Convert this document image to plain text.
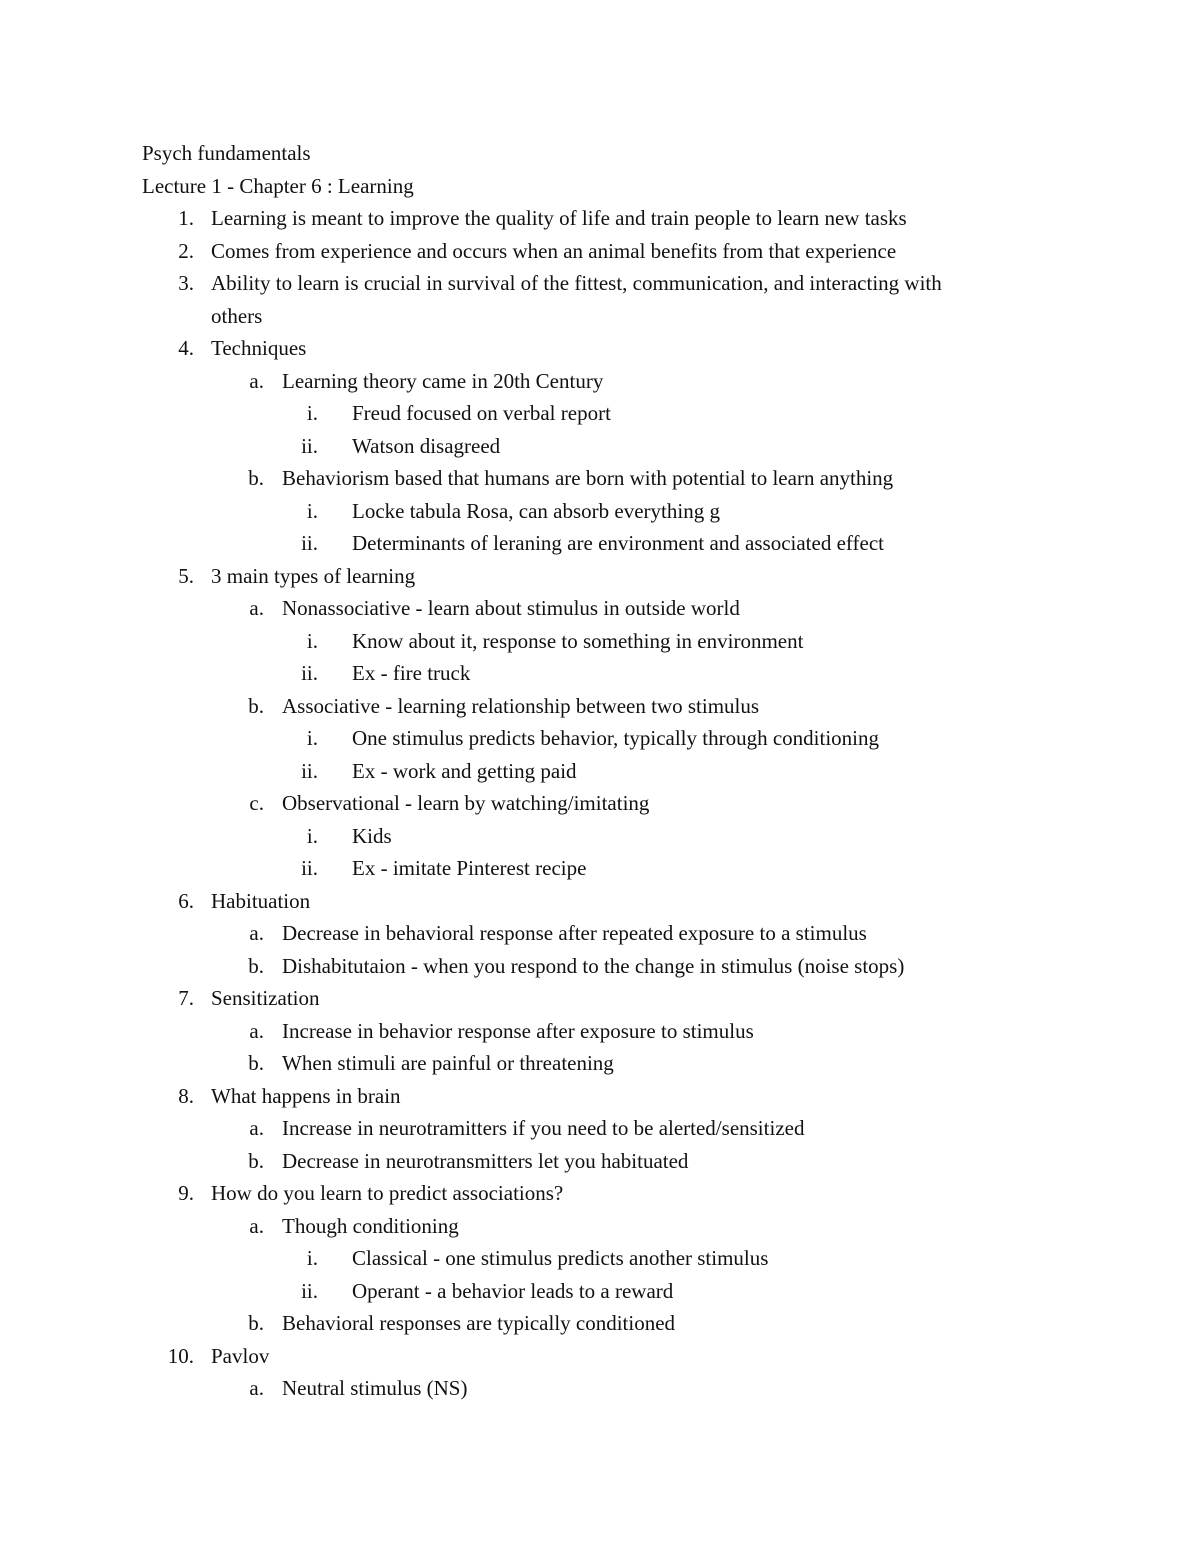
Psych fundamentals
Lecture 1 - Chapter 6 : Learning
1. Learning is meant to improve the quality of life and train people to learn new tasks
2. Comes from experience and occurs when an animal benefits from that experience
3. Ability to learn is crucial in survival of the fittest, communication, and interacting with
others
4. Techniques
a. Learning theory came in 20th Century
i. Freud focused on verbal report
ii. Watson disagreed
b. Behaviorism based that humans are born with potential to learn anything
i. Locke tabula Rosa, can absorb everything g
ii. Determinants of leraning are environment and associated effect
5. 3 main types of learning
a. Nonassociative - learn about stimulus in outside world
i. Know about it, response to something in environment
ii. Ex - fire truck
b. Associative - learning relationship between two stimulus
i. One stimulus predicts behavior, typically through conditioning
ii. Ex - work and getting paid
c. Observational - learn by watching/imitating
i. Kids
ii. Ex - imitate Pinterest recipe
6. Habituation
a. Decrease in behavioral response after repeated exposure to a stimulus
b. Dishabitutaion - when you respond to the change in stimulus (noise stops)
7. Sensitization
a. Increase in behavior response after exposure to stimulus
b. When stimuli are painful or threatening
8. What happens in brain
a. Increase in neurotramitters if you need to be alerted/sensitized
b. Decrease in neurotransmitters let you habituated
9. How do you learn to predict associations?
a. Though conditioning
i. Classical - one stimulus predicts another stimulus
ii. Operant - a behavior leads to a reward
b. Behavioral responses are typically conditioned
10. Pavlov
a. Neutral stimulus (NS)
